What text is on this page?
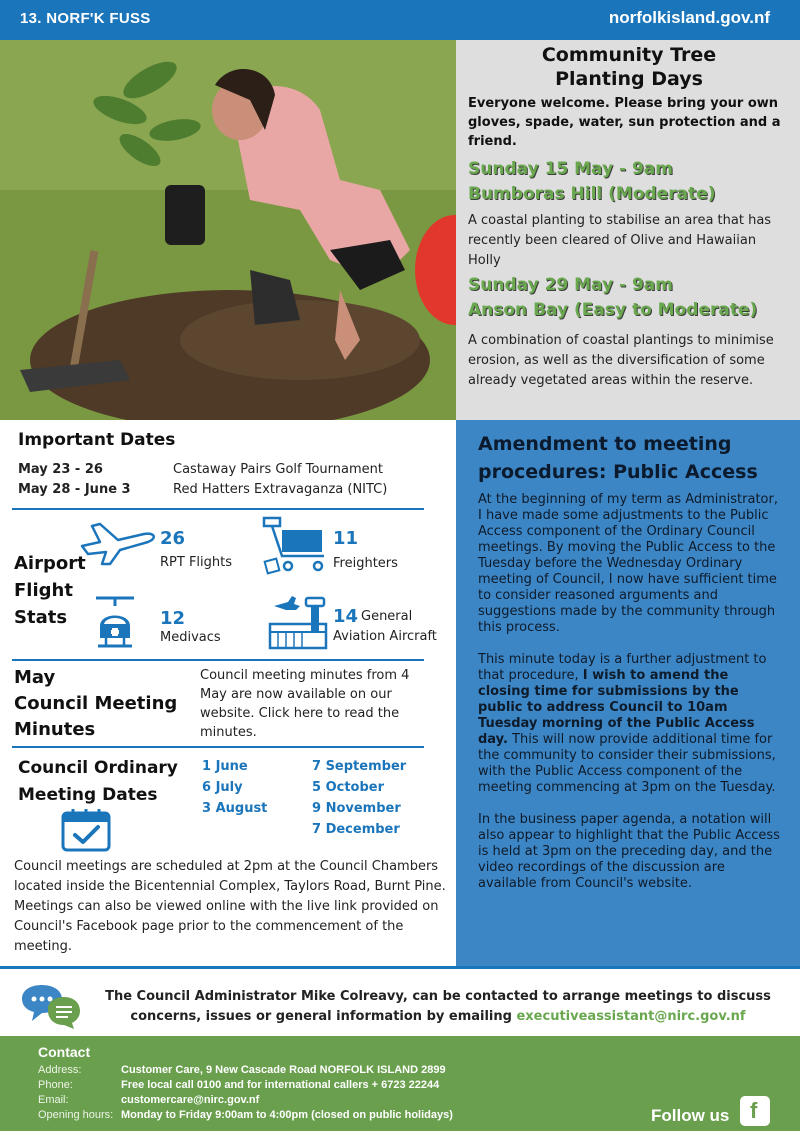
13. NORF'K FUSS	norfolkisland.gov.nf
Community Tree
Planting Days
Everyone welcome. Please bring your own gloves, spade, water, sun protection and a friend.
Sunday 15 May - 9am
Bumboras Hill (Moderate)
A coastal planting to stabilise an area that has recently been cleared of Olive and Hawaiian Holly
Sunday 29 May - 9am
Anson Bay (Easy to Moderate)
A combination of coastal plantings to minimise erosion, as well as the diversification of some already vegetated areas within the reserve.
Important Dates
May 23 - 26	Castaway Pairs Golf Tournament
May 28 - June 3	Red Hatters Extravaganza (NITC)
Airport
Flight
Stats
26
RPT Flights
11
Freighters
12
Medivacs
14 General
Aviation Aircraft
May
Council Meeting
Minutes
Council meeting minutes from 4 May are now available on our website. Click here to read the minutes.
Council Ordinary
Meeting Dates
1 June
6 July
3 August
7 September
5 October
9 November
7 December
Council meetings are scheduled at 2pm at the Council Chambers located inside the Bicentennial Complex, Taylors Road, Burnt Pine. Meetings can also be viewed online with the live link provided on Council's Facebook page prior to the commencement of the meeting.
Amendment to meeting procedures: Public Access

At the beginning of my term as Administrator, I have made some adjustments to the Public Access component of the Ordinary Council meetings. By moving the Public Access to the Tuesday before the Wednesday Ordinary meeting of Council, I now have sufficient time to consider reasoned arguments and suggestions made by the community through this process.

This minute today is a further adjustment to that procedure, I wish to amend the closing time for submissions by the public to address Council to 10am Tuesday morning of the Public Access day. This will now provide additional time for the community to consider their submissions, with the Public Access component of the meeting commencing at 3pm on the Tuesday.

In the business paper agenda, a notation will also appear to highlight that the Public Access is held at 3pm on the preceding day, and the video recordings of the discussion are available from Council's website.

The Council Administrator Mike Colreavy, can be contacted to arrange meetings to discuss concerns, issues or general information by emailing executiveassistant@nirc.gov.nf
Contact
Address:	Customer Care, 9 New Cascade Road NORFOLK ISLAND 2899
Phone:	Free local call 0100 and for international callers + 6723 22244
Email:	customercare@nirc.gov.nf
Opening hours: Monday to Friday 9:00am to 4:00pm (closed on public holidays)	Follow us f
